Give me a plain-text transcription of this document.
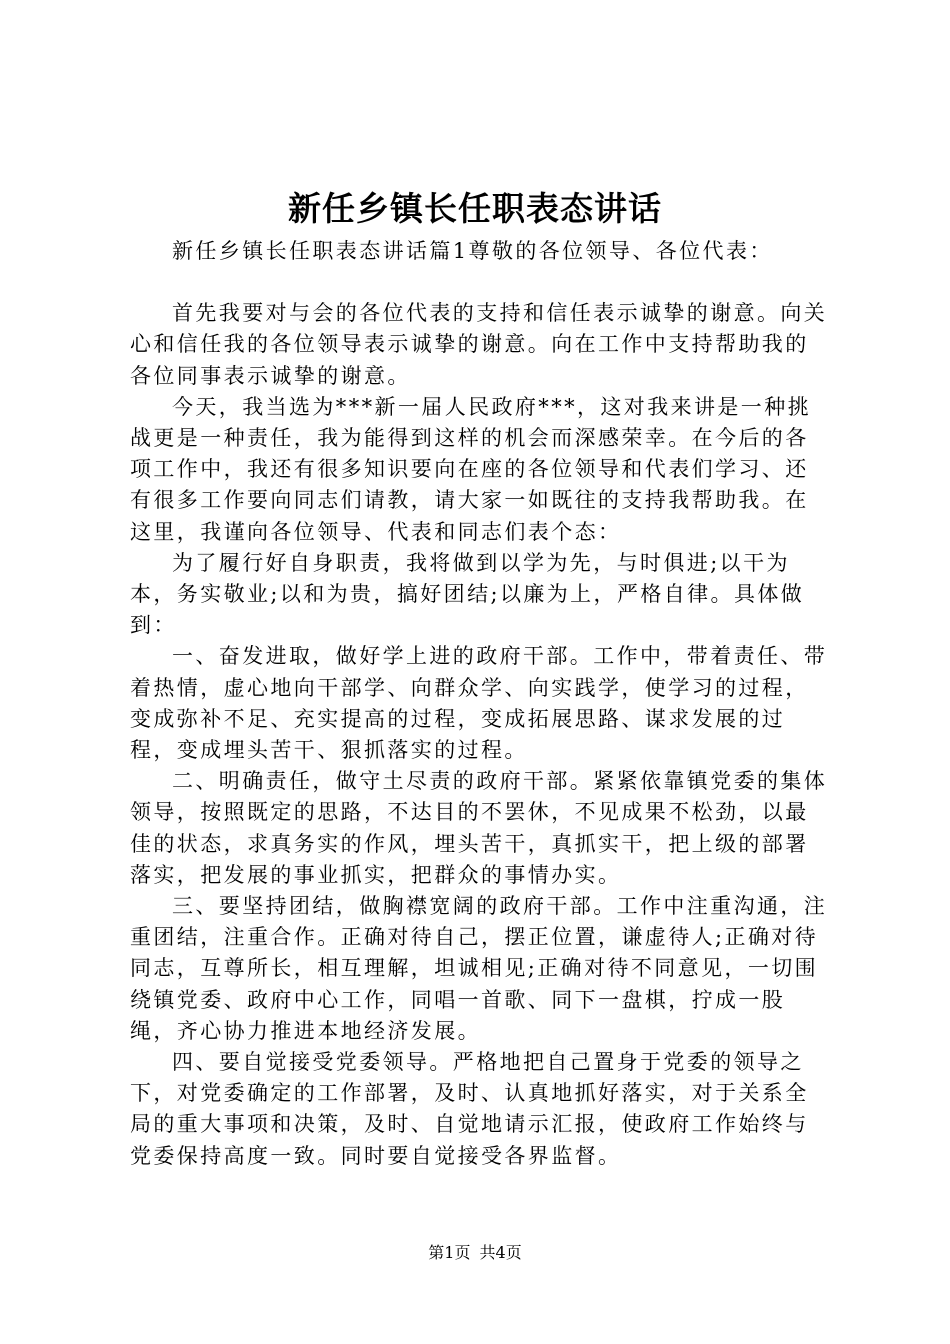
新任乡镇长任职表态讲话

新任乡镇长任职表态讲话篇1尊敬的各位领导、各位代表：

首先我要对与会的各位代表的支持和信任表示诚挚的谢意。向关心和信任我的各位领导表示诚挚的谢意。向在工作中支持帮助我的各位同事表示诚挚的谢意。

今天，我当选为***新一届人民政府***，这对我来讲是一种挑战更是一种责任，我为能得到这样的机会而深感荣幸。在今后的各项工作中，我还有很多知识要向在座的各位领导和代表们学习、还有很多工作要向同志们请教，请大家一如既往的支持我帮助我。在这里，我谨向各位领导、代表和同志们表个态：

为了履行好自身职责，我将做到以学为先，与时俱进;以干为本，务实敬业;以和为贵，搞好团结;以廉为上，严格自律。具体做到：

一、奋发进取，做好学上进的政府干部。工作中，带着责任、带着热情，虚心地向干部学、向群众学、向实践学，使学习的过程，变成弥补不足、充实提高的过程，变成拓展思路、谋求发展的过程，变成埋头苦干、狠抓落实的过程。

二、明确责任，做守土尽责的政府干部。紧紧依靠镇党委的集体领导，按照既定的思路，不达目的不罢休，不见成果不松劲，以最佳的状态，求真务实的作风，埋头苦干，真抓实干，把上级的部署落实，把发展的事业抓实，把群众的事情办实。

三、要坚持团结，做胸襟宽阔的政府干部。工作中注重沟通，注重团结，注重合作。正确对待自己，摆正位置，谦虚待人;正确对待同志，互尊所长，相互理解，坦诚相见;正确对待不同意见，一切围绕镇党委、政府中心工作，同唱一首歌、同下一盘棋，拧成一股绳，齐心协力推进本地经济发展。

四、要自觉接受党委领导。严格地把自己置身于党委的领导之下，对党委确定的工作部署，及时、认真地抓好落实，对于关系全局的重大事项和决策，及时、自觉地请示汇报，使政府工作始终与党委保持高度一致。同时要自觉接受各界监督。

第1页 共4页
